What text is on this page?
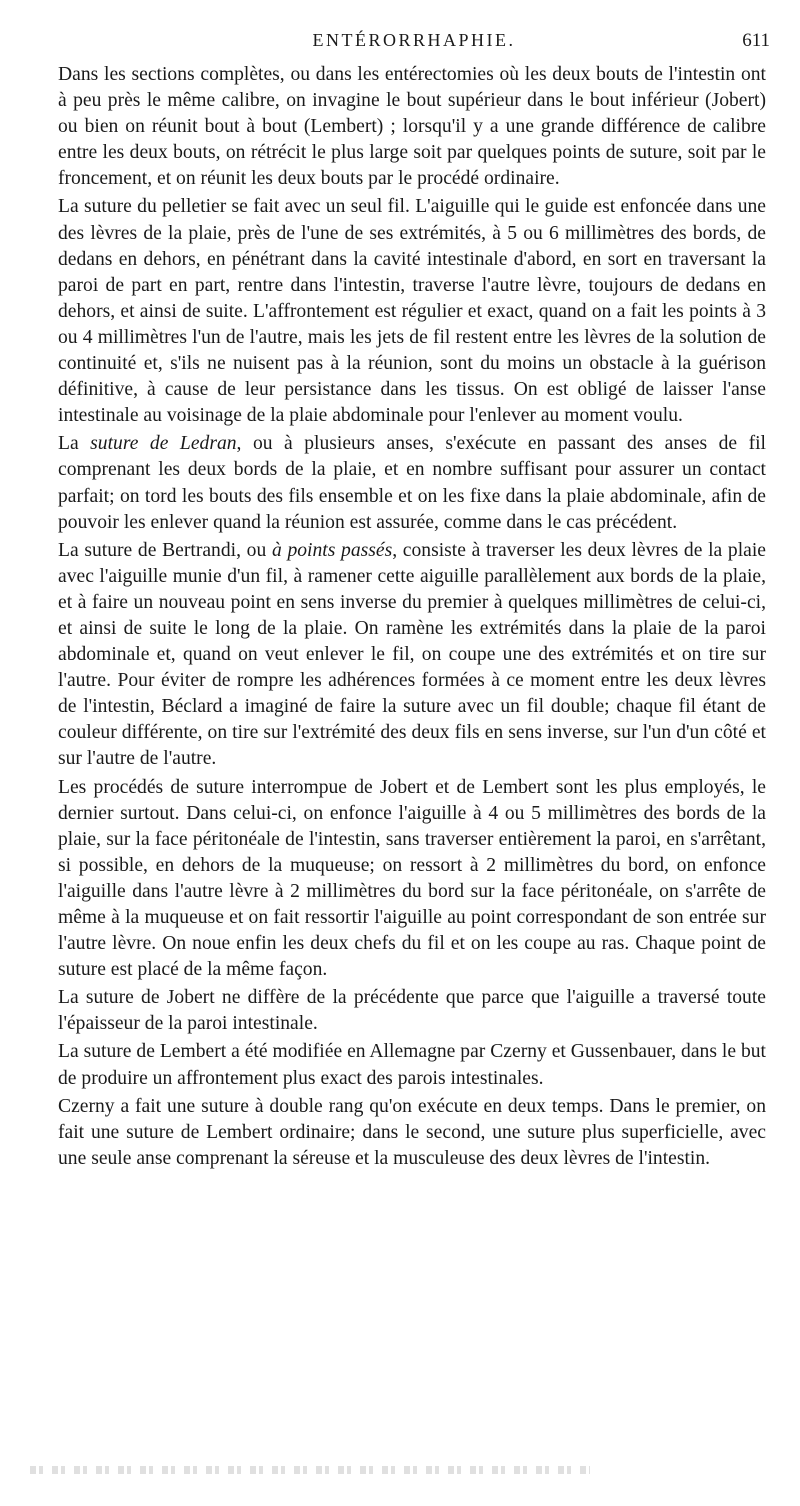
ENTÉRORRHAPHIE.	611

Dans les sections complètes, ou dans les entérectomies où les deux bouts de l'intestin ont à peu près le même calibre, on invagine le bout supérieur dans le bout inférieur (Jobert) ou bien on réunit bout à bout (Lembert) ; lorsqu'il y a une grande différence de calibre entre les deux bouts, on rétrécit le plus large soit par quelques points de suture, soit par le froncement, et on réunit les deux bouts par le procédé ordinaire.

La suture du pelletier se fait avec un seul fil. L'aiguille qui le guide est enfoncée dans une des lèvres de la plaie, près de l'une de ses extrémités, à 5 ou 6 millimètres des bords, de dedans en dehors, en pénétrant dans la cavité intestinale d'abord, en sort en traversant la paroi de part en part, rentre dans l'intestin, traverse l'autre lèvre, toujours de dedans en dehors, et ainsi de suite. L'affrontement est régulier et exact, quand on a fait les points à 3 ou 4 millimètres l'un de l'autre, mais les jets de fil restent entre les lèvres de la solution de continuité et, s'ils ne nuisent pas à la réunion, sont du moins un obstacle à la guérison définitive, à cause de leur persistance dans les tissus. On est obligé de laisser l'anse intestinale au voisinage de la plaie abdominale pour l'enlever au moment voulu.

La suture de Ledran, ou à plusieurs anses, s'exécute en passant des anses de fil comprenant les deux bords de la plaie, et en nombre suffisant pour assurer un contact parfait; on tord les bouts des fils ensemble et on les fixe dans la plaie abdominale, afin de pouvoir les enlever quand la réunion est assurée, comme dans le cas précédent.

La suture de Bertrandi, ou à points passés, consiste à traverser les deux lèvres de la plaie avec l'aiguille munie d'un fil, à ramener cette aiguille parallèlement aux bords de la plaie, et à faire un nouveau point en sens inverse du premier à quelques millimètres de celui-ci, et ainsi de suite le long de la plaie. On ramène les extrémités dans la plaie de la paroi abdominale et, quand on veut enlever le fil, on coupe une des extrémités et on tire sur l'autre. Pour éviter de rompre les adhérences formées à ce moment entre les deux lèvres de l'intestin, Béclard a imaginé de faire la suture avec un fil double; chaque fil étant de couleur différente, on tire sur l'extrémité des deux fils en sens inverse, sur l'un d'un côté et sur l'autre de l'autre.

Les procédés de suture interrompue de Jobert et de Lembert sont les plus employés, le dernier surtout. Dans celui-ci, on enfonce l'aiguille à 4 ou 5 millimètres des bords de la plaie, sur la face péritonéale de l'intestin, sans traverser entièrement la paroi, en s'arrêtant, si possible, en dehors de la muqueuse; on ressort à 2 millimètres du bord, on enfonce l'aiguille dans l'autre lèvre à 2 millimètres du bord sur la face péritonéale, on s'arrête de même à la muqueuse et on fait ressortir l'aiguille au point correspondant de son entrée sur l'autre lèvre. On noue enfin les deux chefs du fil et on les coupe au ras. Chaque point de suture est placé de la même façon.

La suture de Jobert ne diffère de la précédente que parce que l'aiguille a traversé toute l'épaisseur de la paroi intestinale.

La suture de Lembert a été modifiée en Allemagne par Czerny et Gussenbauer, dans le but de produire un affrontement plus exact des parois intestinales.

Czerny a fait une suture à double rang qu'on exécute en deux temps. Dans le premier, on fait une suture de Lembert ordinaire; dans le second, une suture plus superficielle, avec une seule anse comprenant la séreuse et la musculeuse des deux lèvres de l'intestin.
